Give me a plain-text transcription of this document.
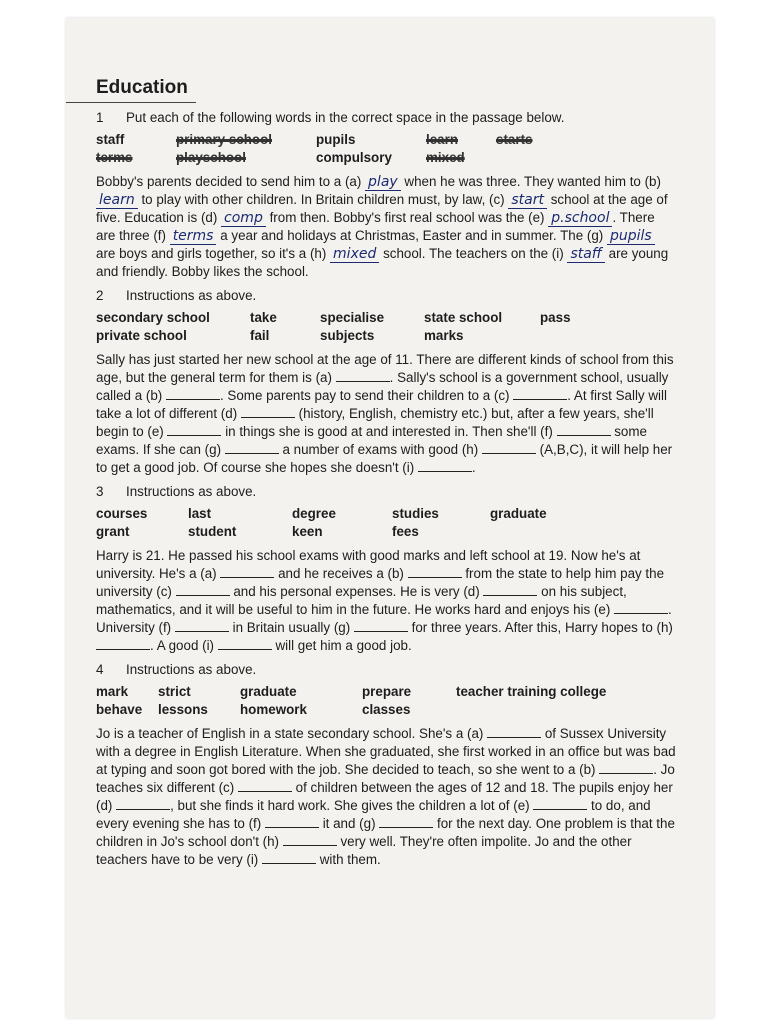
Education

1 Put each of the following words in the correct space in the passage below.

staff	primary school	pupils	learn	starts
terms	playschool	compulsory	mixed

Bobby's parents decided to send him to a (a) play when he was three. They wanted him to (b) learn to play with other children. In Britain children must, by law, (c) start school at the age of five. Education is (d) comp from then. Bobby's first real school was the (e) p.school . There are three (f) terms a year and holidays at Christmas, Easter and in summer. The (g) pupils are boys and girls together, so it's a (h) mixed school. The teachers on the (i) staff are young and friendly. Bobby likes the school.

2 Instructions as above.

secondary school	take	specialise	state school	pass
private school	fail	subjects	marks

Sally has just started her new school at the age of 11. There are different kinds of school from this age, but the general term for them is (a)	. Sally's school is a government school, usually called a (b)	. Some parents pay to send their children to a (c)	. At first Sally will take a lot of different (d)	(history, English, chemistry etc.) but, after a few years, she'll begin to (e)	in things she is good at and interested in. Then she'll (f)	some exams. If she can (g)	a number of exams with good (h)	(A,B,C), it will help her to get a good job. Of course she hopes she doesn't (i)	.

3 Instructions as above.

courses	last	degree	studies	graduate
grant	student	keen	fees

Harry is 21. He passed his school exams with good marks and left school at 19. Now he's at university. He's a (a)	and he receives a (b)	from the state to help him pay the university (c)	and his personal expenses. He is very (d)	on his subject, mathematics, and it will be useful to him in the future. He works hard and enjoys his (e)	. University (f)	in Britain usually (g)	for three years. After this, Harry hopes to (h) . A good (i)	will get him a good job.

4 Instructions as above.

mark	strict	graduate	prepare	teacher training college
behave	lessons	homework	classes

Jo is a teacher of English in a state secondary school. She's a (a)	of Sussex University with a degree in English Literature. When she graduated, she first worked in an office but was bad at typing and soon got bored with the job. She decided to teach, so she went to a (b)	. Jo teaches six different (c)	of children between the ages of 12 and 18. The pupils enjoy her (d)	, but she finds it hard work. She gives the children a lot of (e)	to do, and every evening she has to (f)	it and (g)	for the next day. One problem is that the children in Jo's school don't (h)	very well. They're often impolite. Jo and the other teachers have to be very (i)	with them.
